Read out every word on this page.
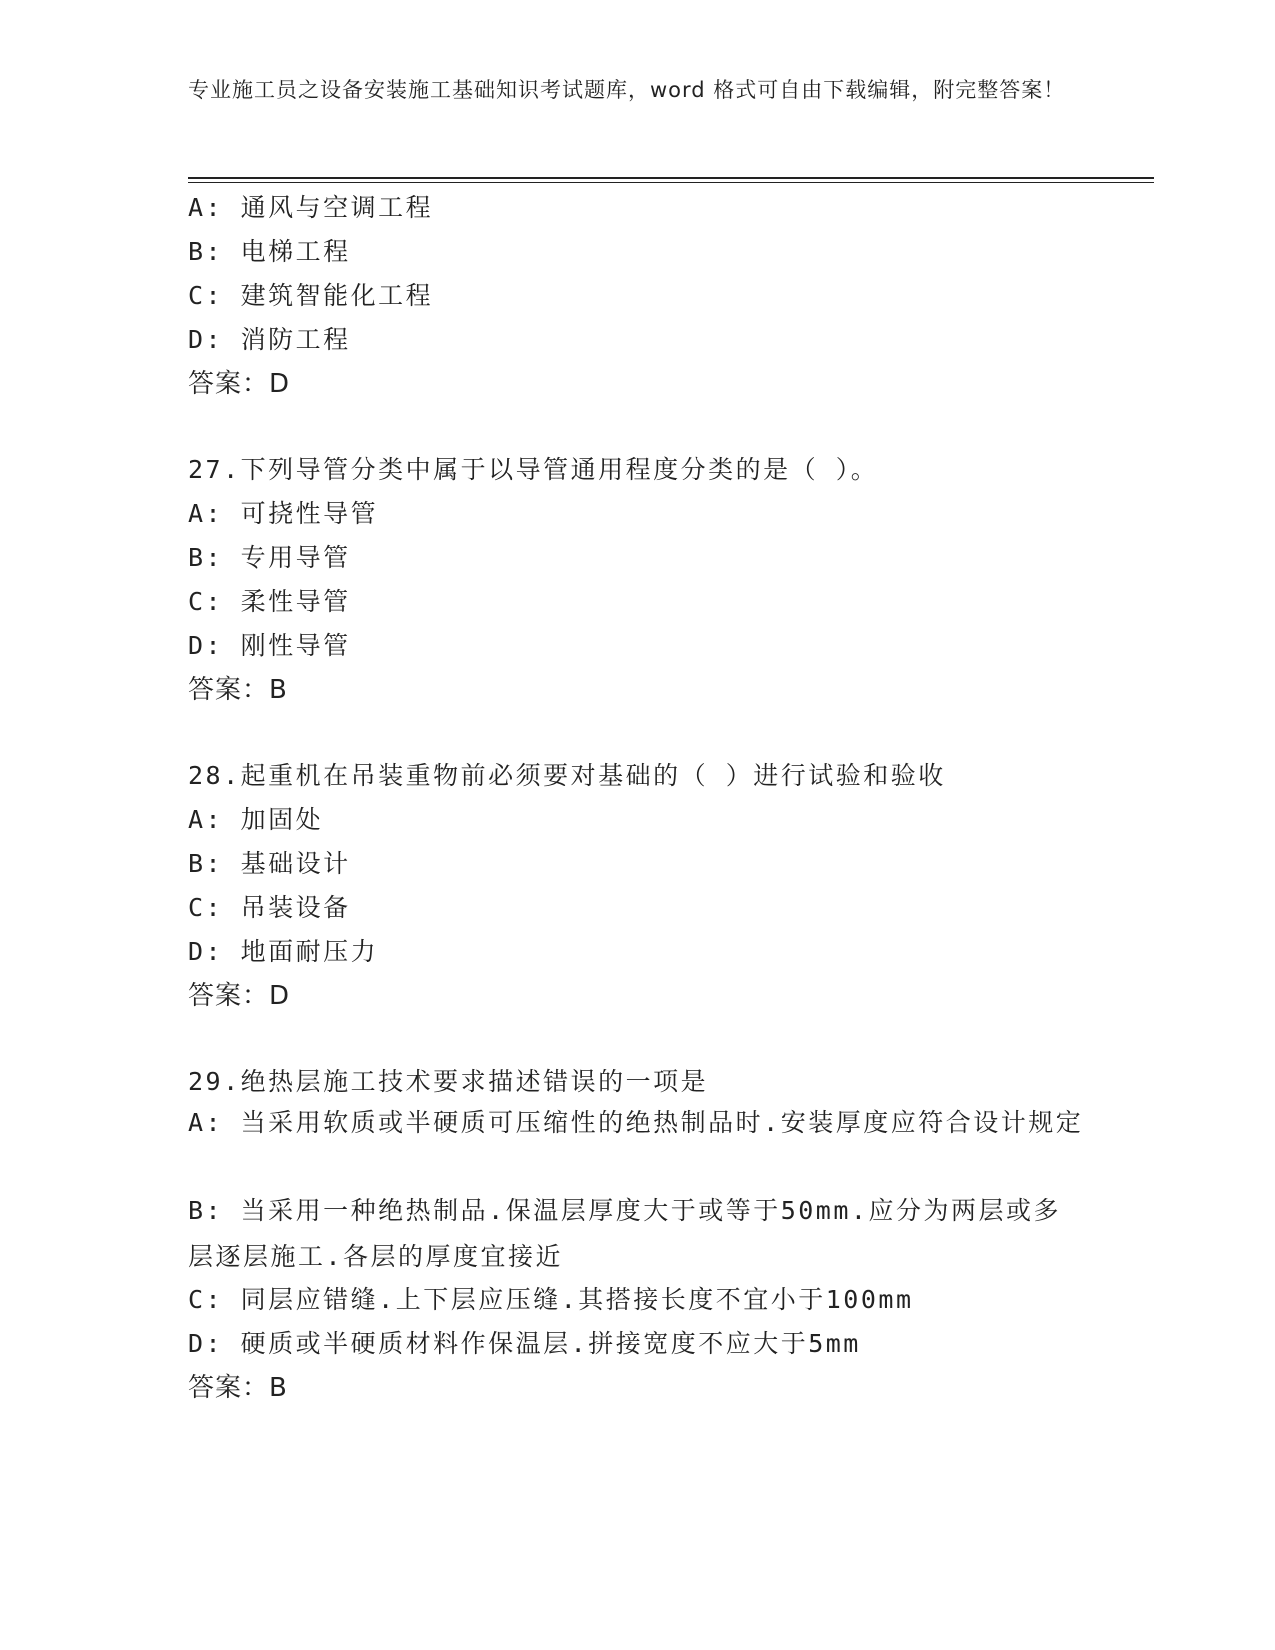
专业施工员之设备安装施工基础知识考试题库，word 格式可自由下载编辑，附完整答案！
A: 通风与空调工程
B: 电梯工程
C: 建筑智能化工程
D: 消防工程
答案：D
27.下列导管分类中属于以导管通用程度分类的是（ ）。
A: 可挠性导管
B: 专用导管
C: 柔性导管
D: 刚性导管
答案：B
28.起重机在吊装重物前必须要对基础的（ ）进行试验和验收
A: 加固处
B: 基础设计
C: 吊装设备
D: 地面耐压力
答案：D
29.绝热层施工技术要求描述错误的一项是
A: 当采用软质或半硬质可压缩性的绝热制品时.安装厚度应符合设计规定
B: 当采用一种绝热制品.保温层厚度大于或等于50mm.应分为两层或多层逐层施工.各层的厚度宜接近
C: 同层应错缝.上下层应压缝.其搭接长度不宜小于100mm
D: 硬质或半硬质材料作保温层.拼接宽度不应大于5mm
答案：B
